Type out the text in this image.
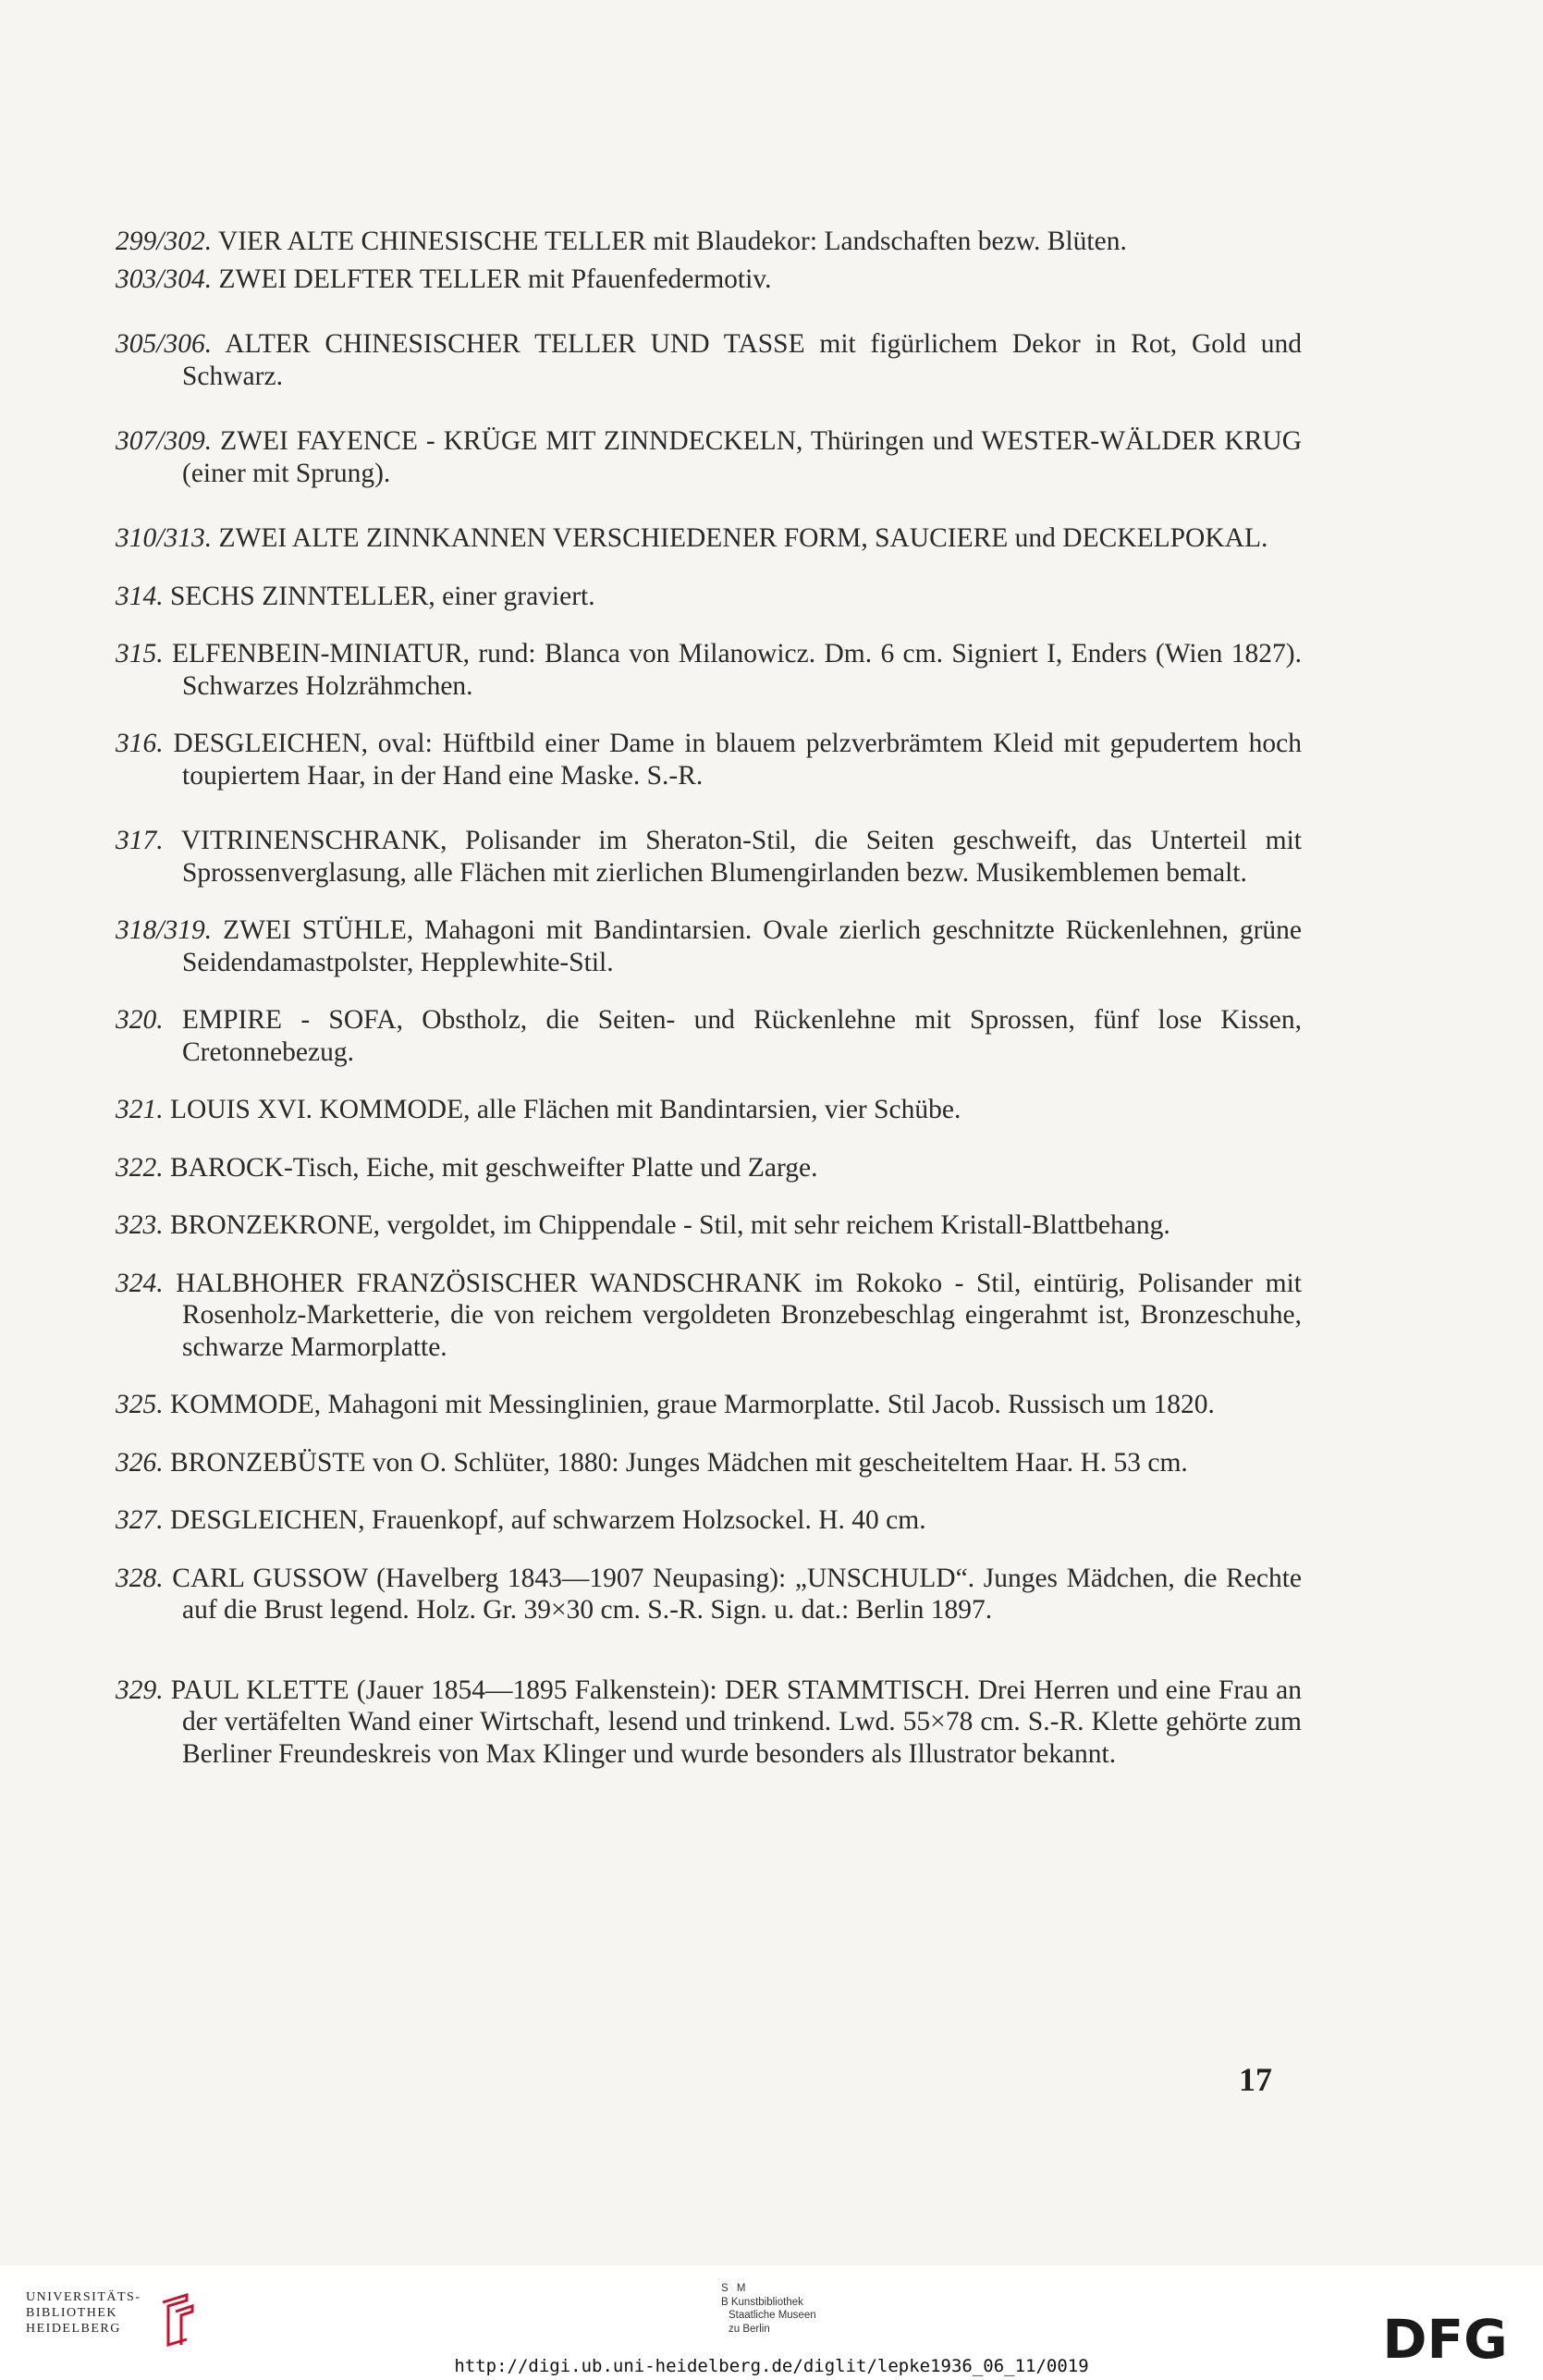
299/302. VIER ALTE CHINESISCHE TELLER mit Blaudekor: Landschaften bezw. Blüten.
303/304. ZWEI DELFTER TELLER mit Pfauenfedermotiv.
305/306. ALTER CHINESISCHER TELLER UND TASSE mit figürlichem Dekor in Rot, Gold und Schwarz.
307/309. ZWEI FAYENCE - KRÜGE MIT ZINNDECKELN, Thüringen und WESTER-WÄLDER KRUG (einer mit Sprung).
310/313. ZWEI ALTE ZINNKANNEN VERSCHIEDENER FORM, SAUCIERE und DECKELPOKAL.
314. SECHS ZINNTELLER, einer graviert.
315. ELFENBEIN-MINIATUR, rund: Blanca von Milanowicz. Dm. 6 cm. Signiert I, Enders (Wien 1827). Schwarzes Holzrähmchen.
316. DESGLEICHEN, oval: Hüftbild einer Dame in blauem pelzverbrämtem Kleid mit gepudertem hoch toupiertem Haar, in der Hand eine Maske. S.-R.
317. VITRINENSCHRANK, Polisander im Sheraton-Stil, die Seiten geschweift, das Unterteil mit Sprossenverglasung, alle Flächen mit zierlichen Blumengirlanden bezw. Musikemblemen bemalt.
318/319. ZWEI STÜHLE, Mahagoni mit Bandintarsien. Ovale zierlich geschnitzte Rückenlehnen, grüne Seidendamastpolster, Hepplewhite-Stil.
320. EMPIRE - SOFA, Obstholz, die Seiten- und Rückenlehne mit Sprossen, fünf lose Kissen, Cretonnebezug.
321. LOUIS XVI. KOMMODE, alle Flächen mit Bandintarsien, vier Schübe.
322. BAROCK-Tisch, Eiche, mit geschweifter Platte und Zarge.
323. BRONZEKRONE, vergoldet, im Chippendale - Stil, mit sehr reichem Kristall-Blattbehang.
324. HALBHOHER FRANZÖSISCHER WANDSCHRANK im Rokoko - Stil, eintürig, Polisander mit Rosenholz-Marketterie, die von reichem vergoldeten Bronzebeschlag eingerahmt ist, Bronzeschuhe, schwarze Marmorplatte.
325. KOMMODE, Mahagoni mit Messinglinien, graue Marmorplatte. Stil Jacob. Russisch um 1820.
326. BRONZEBÜSTE von O. Schlüter, 1880: Junges Mädchen mit gescheiteltem Haar. H. 53 cm.
327. DESGLEICHEN, Frauenkopf, auf schwarzem Holzsockel. H. 40 cm.
328. CARL GUSSOW (Havelberg 1843—1907 Neupasing): „UNSCHULD“. Junges Mädchen, die Rechte auf die Brust legend. Holz. Gr. 39×30 cm. S.-R. Sign. u. dat.: Berlin 1897.
329. PAUL KLETTE (Jauer 1854—1895 Falkenstein): DER STAMMTISCH. Drei Herren und eine Frau an der vertäfelten Wand einer Wirtschaft, lesend und trinkend. Lwd. 55×78 cm. S.-R. Klette gehörte zum Berliner Freundeskreis von Max Klinger und wurde besonders als Illustrator bekannt.
17
UNIVERSITÄTS-
BIBLIOTHEK
HEIDELBERG
S M
B Kunstbibliothek
Staatliche Museen
zu Berlin	DFG
http://digi.ub.uni-heidelberg.de/diglit/lepke1936_06_11/0019
